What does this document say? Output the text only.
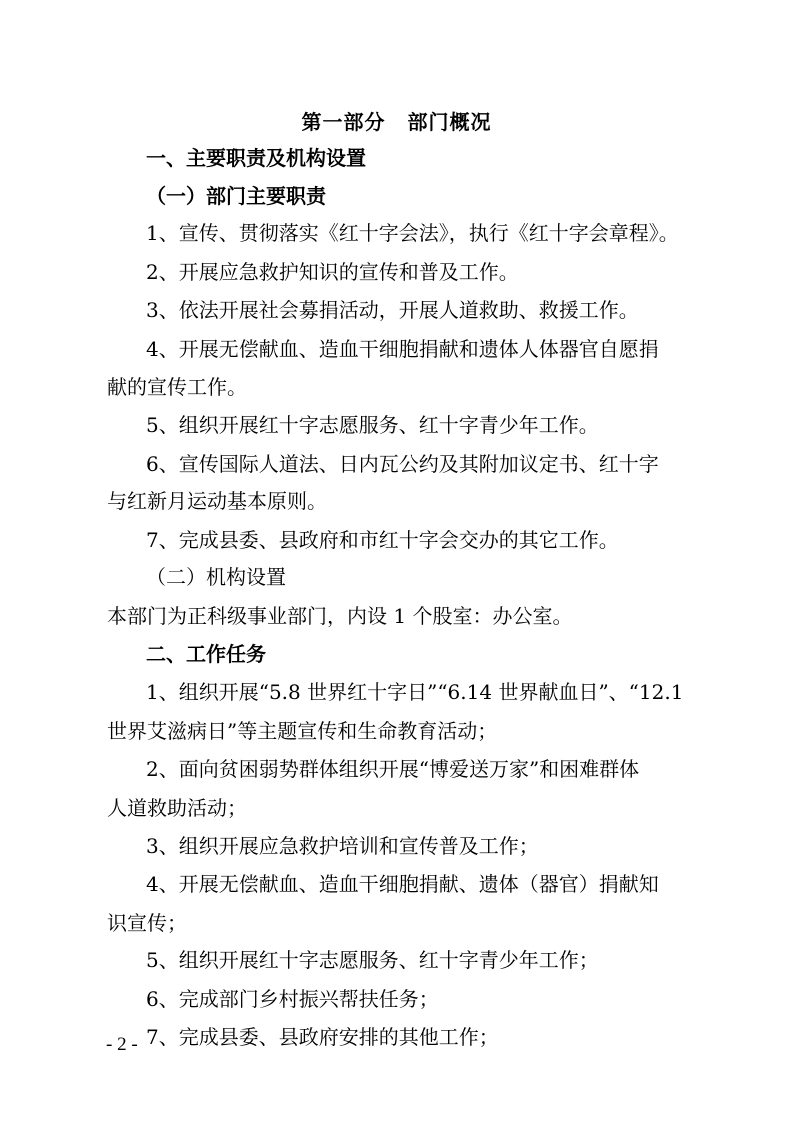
第一部分 部门概况
一、主要职责及机构设置
（一）部门主要职责
1、宣传、贯彻落实《红十字会法》，执行《红十字会章程》。
2、开展应急救护知识的宣传和普及工作。
3、依法开展社会募捐活动，开展人道救助、救援工作。
4、开展无偿献血、造血干细胞捐献和遗体人体器官自愿捐
献的宣传工作。
5、组织开展红十字志愿服务、红十字青少年工作。
6、宣传国际人道法、日内瓦公约及其附加议定书、红十字
与红新月运动基本原则。
7、完成县委、县政府和市红十字会交办的其它工作。
（二）机构设置
本部门为正科级事业部门，内设 1 个股室：办公室。
二、工作任务
1、组织开展“5.8 世界红十字日”“6.14 世界献血日”、“12.1
世界艾滋病日”等主题宣传和生命教育活动；
2、面向贫困弱势群体组织开展“博爱送万家”和困难群体
人道救助活动；
3、组织开展应急救护培训和宣传普及工作；
4、开展无偿献血、造血干细胞捐献、遗体（器官）捐献知
识宣传；
5、组织开展红十字志愿服务、红十字青少年工作；
6、完成部门乡村振兴帮扶任务；
7、完成县委、县政府安排的其他工作；
- 2 -
